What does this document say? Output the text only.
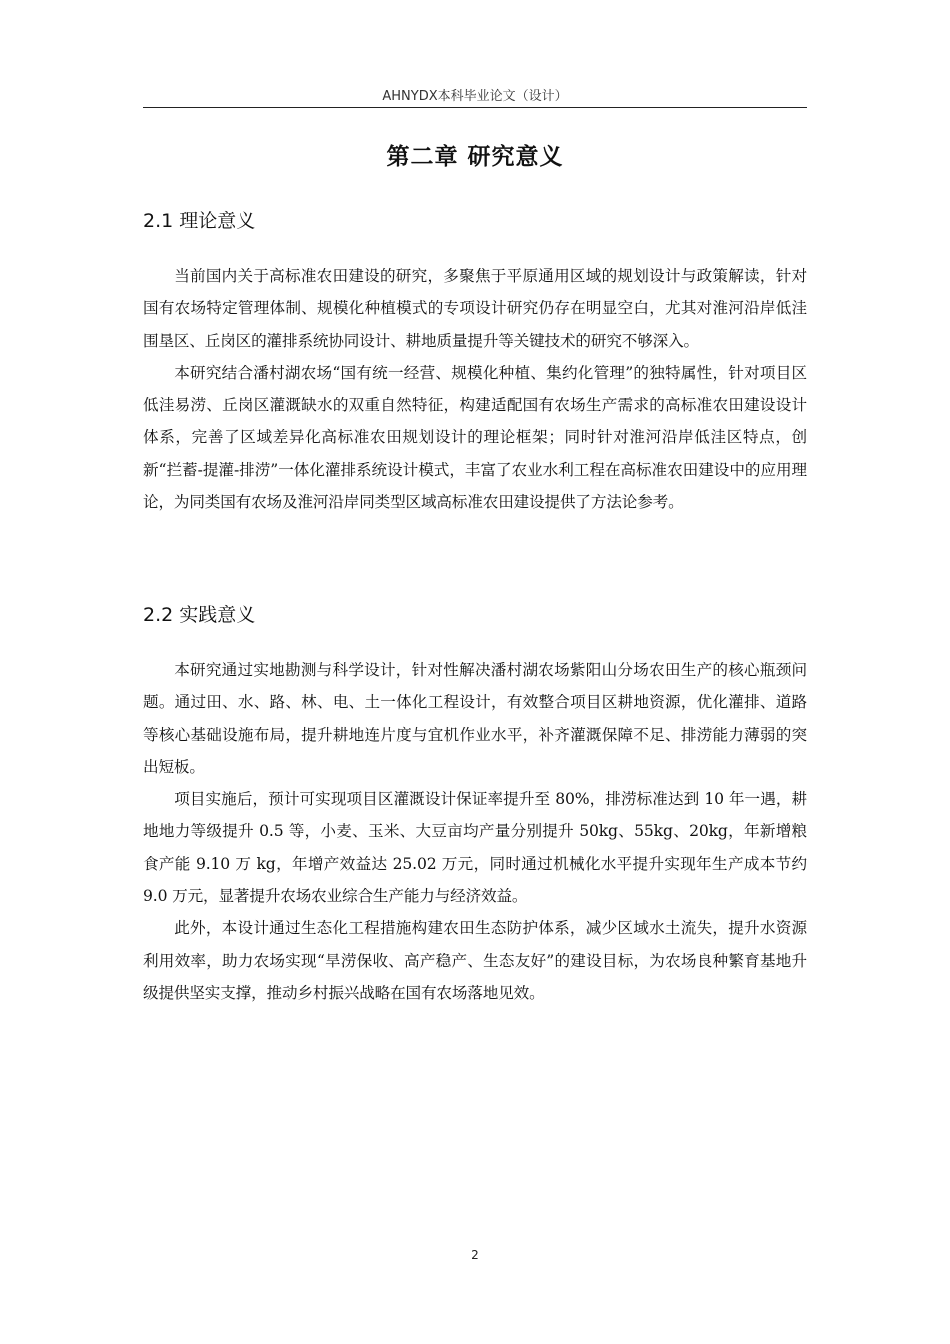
AHNYDX本科毕业论文（设计）
第二章 研究意义
2.1 理论意义

当前国内关于高标准农田建设的研究，多聚焦于平原通用区域的规划设计与政策解读，针对国有农场特定管理体制、规模化种植模式的专项设计研究仍存在明显空白，尤其对淮河沿岸低洼围垦区、丘岗区的灌排系统协同设计、耕地质量提升等关键技术的研究不够深入。

本研究结合潘村湖农场“国有统一经营、规模化种植、集约化管理”的独特属性，针对项目区低洼易涝、丘岗区灌溉缺水的双重自然特征，构建适配国有农场生产需求的高标准农田建设设计体系，完善了区域差异化高标准农田规划设计的理论框架；同时针对淮河沿岸低洼区特点，创新“拦蓄-提灌-排涝”一体化灌排系统设计模式，丰富了农业水利工程在高标准农田建设中的应用理论，为同类国有农场及淮河沿岸同类型区域高标准农田建设提供了方法论参考。

2.2 实践意义

本研究通过实地勘测与科学设计，针对性解决潘村湖农场紫阳山分场农田生产的核心瓶颈问题。通过田、水、路、林、电、土一体化工程设计，有效整合项目区耕地资源，优化灌排、道路等核心基础设施布局，提升耕地连片度与宜机作业水平，补齐灌溉保障不足、排涝能力薄弱的突出短板。

项目实施后，预计可实现项目区灌溉设计保证率提升至 80%，排涝标准达到 10 年一遇，耕地地力等级提升 0.5 等，小麦、玉米、大豆亩均产量分别提升 50kg、55kg、20kg，年新增粮食产能 9.10 万 kg，年增产效益达 25.02 万元，同时通过机械化水平提升实现年生产成本节约 9.0 万元，显著提升农场农业综合生产能力与经济效益。

此外，本设计通过生态化工程措施构建农田生态防护体系，减少区域水土流失，提升水资源利用效率，助力农场实现“旱涝保收、高产稳产、生态友好”的建设目标，为农场良种繁育基地升级提供坚实支撑，推动乡村振兴战略在国有农场落地见效。

2
